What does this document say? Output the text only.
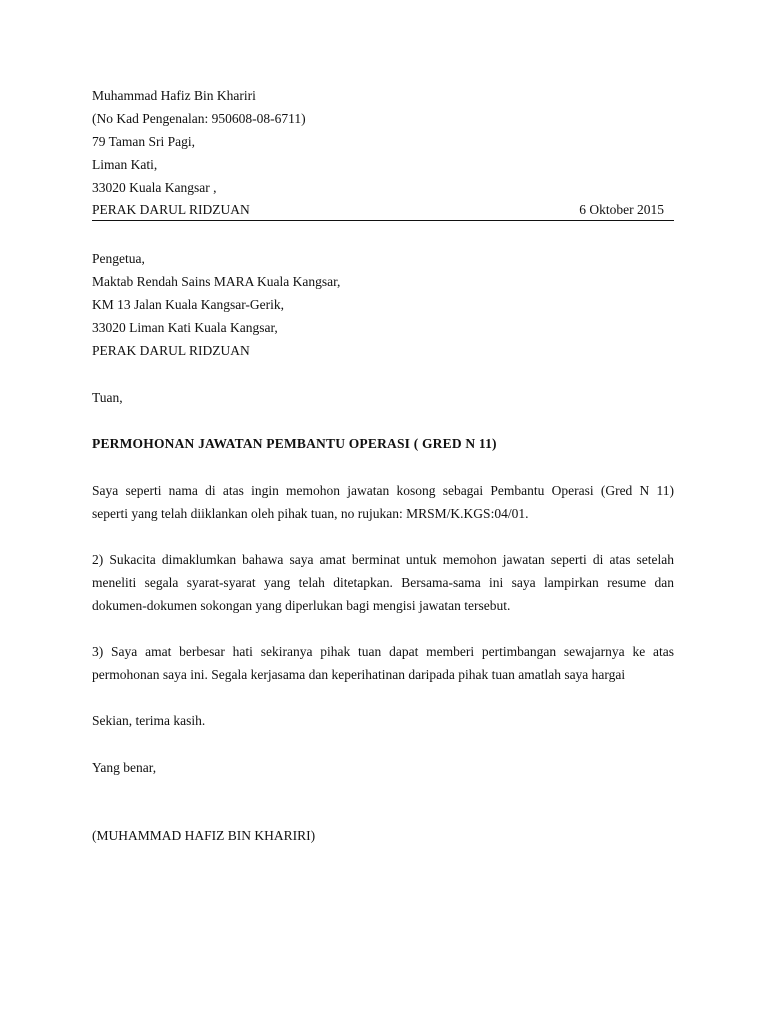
Muhammad Hafiz Bin Khariri
(No Kad Pengenalan: 950608-08-6711)
79 Taman Sri Pagi,
Liman Kati,
33020 Kuala Kangsar ,
PERAK DARUL RIDZUAN	6 Oktober 2015
Pengetua,
Maktab Rendah Sains MARA Kuala Kangsar,
KM 13 Jalan Kuala Kangsar-Gerik,
33020 Liman Kati Kuala Kangsar,
PERAK DARUL RIDZUAN
Tuan,
PERMOHONAN JAWATAN PEMBANTU OPERASI ( GRED N 11)
Saya seperti nama di atas ingin memohon jawatan kosong sebagai Pembantu Operasi (Gred N 11)
seperti yang telah diiklankan oleh pihak tuan, no rujukan: MRSM/K.KGS:04/01.
2) Sukacita dimaklumkan bahawa saya amat berminat untuk memohon jawatan seperti di atas setelah
meneliti segala syarat-syarat yang telah ditetapkan. Bersama-sama ini saya lampirkan resume dan
dokumen-dokumen sokongan yang diperlukan bagi mengisi jawatan tersebut.
3) Saya amat berbesar hati sekiranya pihak tuan dapat memberi pertimbangan sewajarnya ke atas
permohonan saya ini. Segala kerjasama dan keperihatinan daripada pihak tuan amatlah saya hargai
Sekian, terima kasih.
Yang benar,
(MUHAMMAD HAFIZ BIN KHARIRI)
